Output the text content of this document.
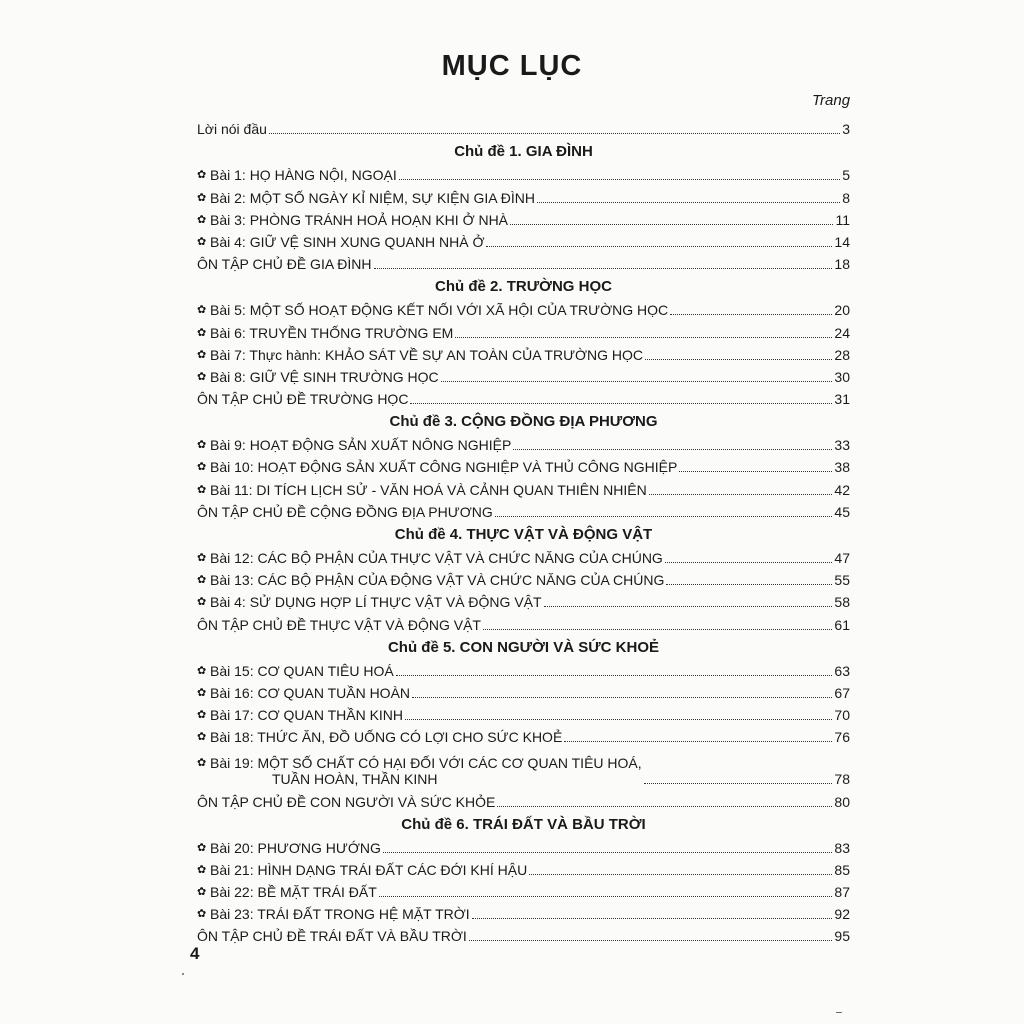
MỤC LỤC
Trang
Lời nói đầu	3
Chủ đề 1. GIA ĐÌNH
✿ Bài 1: HỌ HÀNG NỘI, NGOẠI	5
✿ Bài 2: MỘT SỐ NGÀY KỈ NIỆM, SỰ KIỆN GIA ĐÌNH	8
✿ Bài 3: PHÒNG TRÁNH HOẢ HOẠN KHI Ở NHÀ	11
✿ Bài 4: GIỮ VỆ SINH XUNG QUANH NHÀ Ở	14
ÔN TẬP CHỦ ĐỀ GIA ĐÌNH	18
Chủ đề 2. TRƯỜNG HỌC
✿ Bài 5: MỘT SỐ HOẠT ĐỘNG KẾT NỐI VỚI XÃ HỘI CỦA TRƯỜNG HỌC	20
✿ Bài 6: TRUYỀN THỐNG TRƯỜNG EM	24
✿ Bài 7: Thực hành: KHẢO SÁT VỀ SỰ AN TOÀN CỦA TRƯỜNG HỌC	28
✿ Bài 8: GIỮ VỆ SINH TRƯỜNG HỌC	30
ÔN TẬP CHỦ ĐỀ TRƯỜNG HỌC	31
Chủ đề 3. CỘNG ĐỒNG ĐỊA PHƯƠNG
✿ Bài 9: HOẠT ĐỘNG SẢN XUẤT NÔNG NGHIỆP	33
✿ Bài 10: HOẠT ĐỘNG SẢN XUẤT CÔNG NGHIỆP VÀ THỦ CÔNG NGHIỆP	38
✿ Bài 11: DI TÍCH LỊCH SỬ - VĂN HOÁ VÀ CẢNH QUAN THIÊN NHIÊN	42
ÔN TẬP CHỦ ĐỀ CỘNG ĐỒNG ĐỊA PHƯƠNG	45
Chủ đề 4. THỰC VẬT VÀ ĐỘNG VẬT
✿ Bài 12: CÁC BỘ PHẬN CỦA THỰC VẬT VÀ CHỨC NĂNG CỦA CHÚNG	47
✿ Bài 13: CÁC BỘ PHẬN CỦA ĐỘNG VẬT VÀ CHỨC NĂNG CỦA CHÚNG	55
✿ Bài 4: SỬ DỤNG HỢP LÍ THỰC VẬT VÀ ĐỘNG VẬT	58
ÔN TẬP CHỦ ĐỀ THỰC VẬT VÀ ĐỘNG VẬT	61
Chủ đề 5. CON NGƯỜI VÀ SỨC KHOẺ
✿ Bài 15: CƠ QUAN TIÊU HOÁ	63
✿ Bài 16: CƠ QUAN TUẦN HOÀN	67
✿ Bài 17: CƠ QUAN THẦN KINH	70
✿ Bài 18: THỨC ĂN, ĐỒ UỐNG CÓ LỢI CHO SỨC KHOẺ	76
✿ Bài 19: MỘT SỐ CHẤT CÓ HẠI ĐỐI VỚI CÁC CƠ QUAN TIÊU HOÁ,
TUẦN HOÀN, THẦN KINH	78
ÔN TẬP CHỦ ĐỀ CON NGƯỜI VÀ SỨC KHỎE	80
Chủ đề 6. TRÁI ĐẤT VÀ BẦU TRỜI
✿ Bài 20: PHƯƠNG HƯỚNG	83
✿ Bài 21: HÌNH DẠNG TRÁI ĐẤT CÁC ĐỚI KHÍ HẬU	85
✿ Bài 22: BỀ MẶT TRÁI ĐẤT	87
✿ Bài 23: TRÁI ĐẤT TRONG HỆ MẶT TRỜI	92
ÔN TẬP CHỦ ĐỀ TRÁI ĐẤT VÀ BẦU TRỜI	95
4
